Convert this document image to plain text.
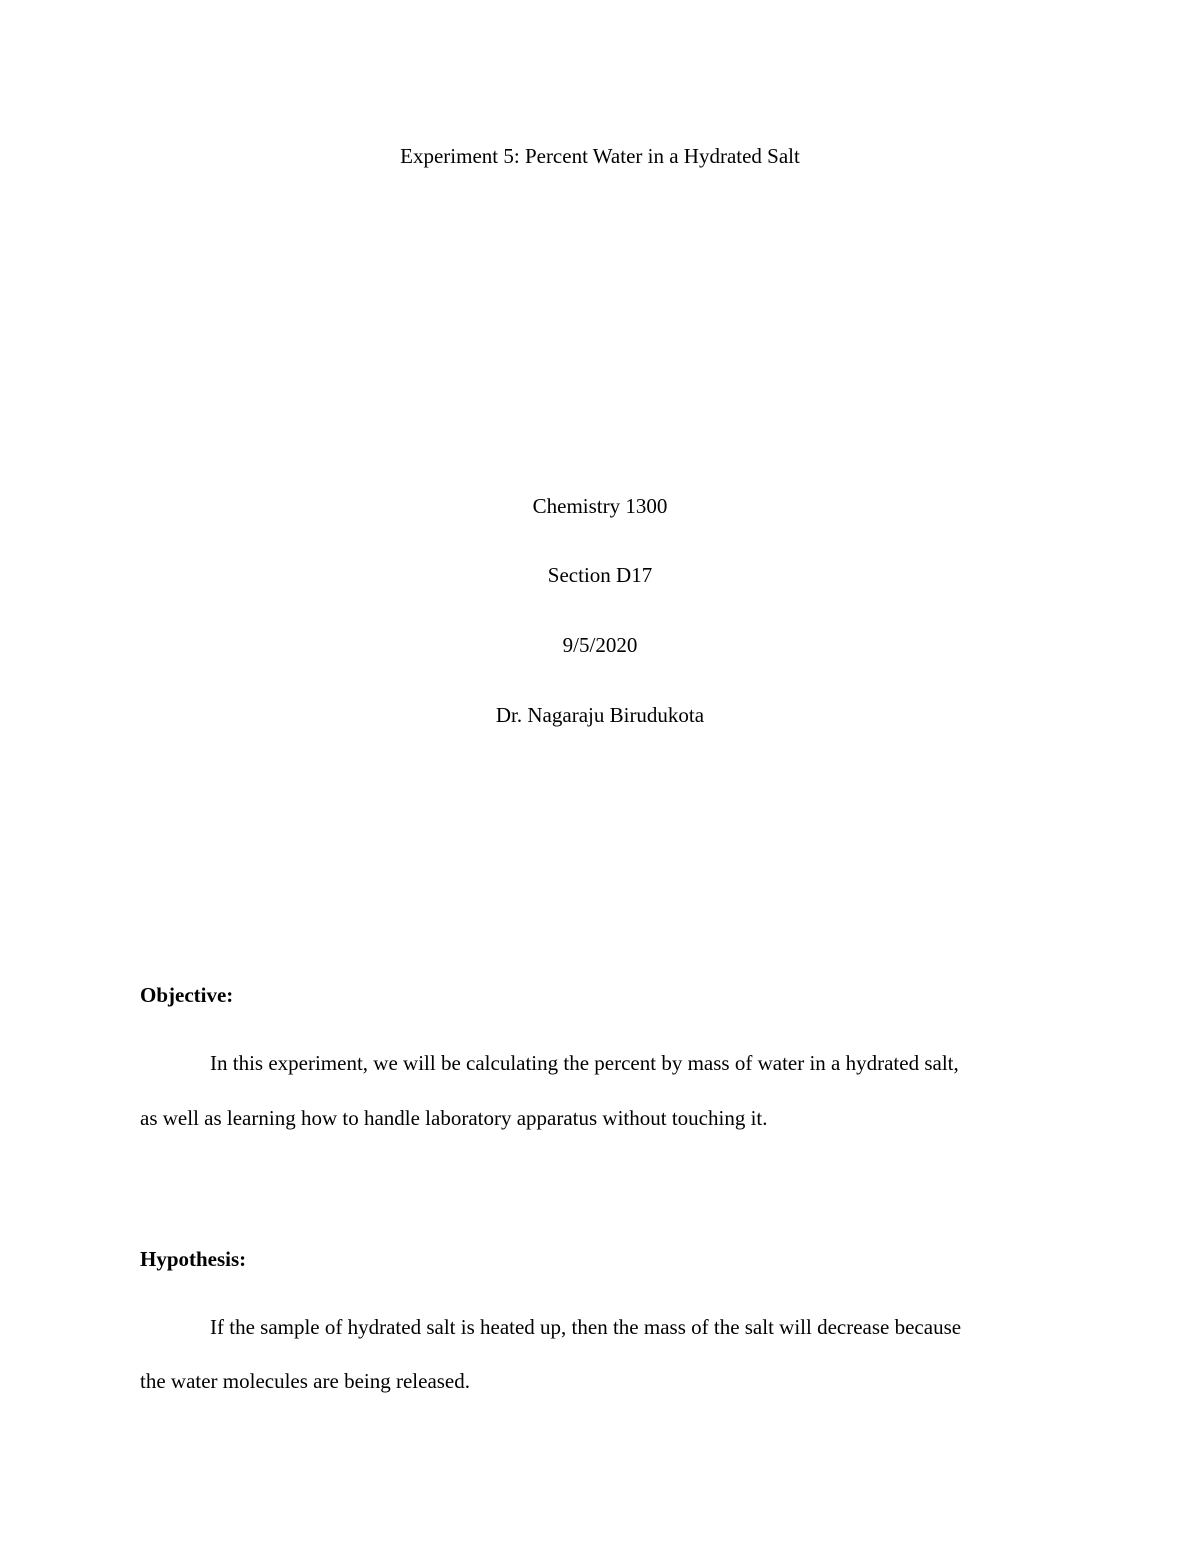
Experiment 5: Percent Water in a Hydrated Salt
Chemistry 1300
Section D17
9/5/2020
Dr. Nagaraju Birudukota
Objective:
In this experiment, we will be calculating the percent by mass of water in a hydrated salt,
as well as learning how to handle laboratory apparatus without touching it.
Hypothesis:
If the sample of hydrated salt is heated up, then the mass of the salt will decrease because
the water molecules are being released.
